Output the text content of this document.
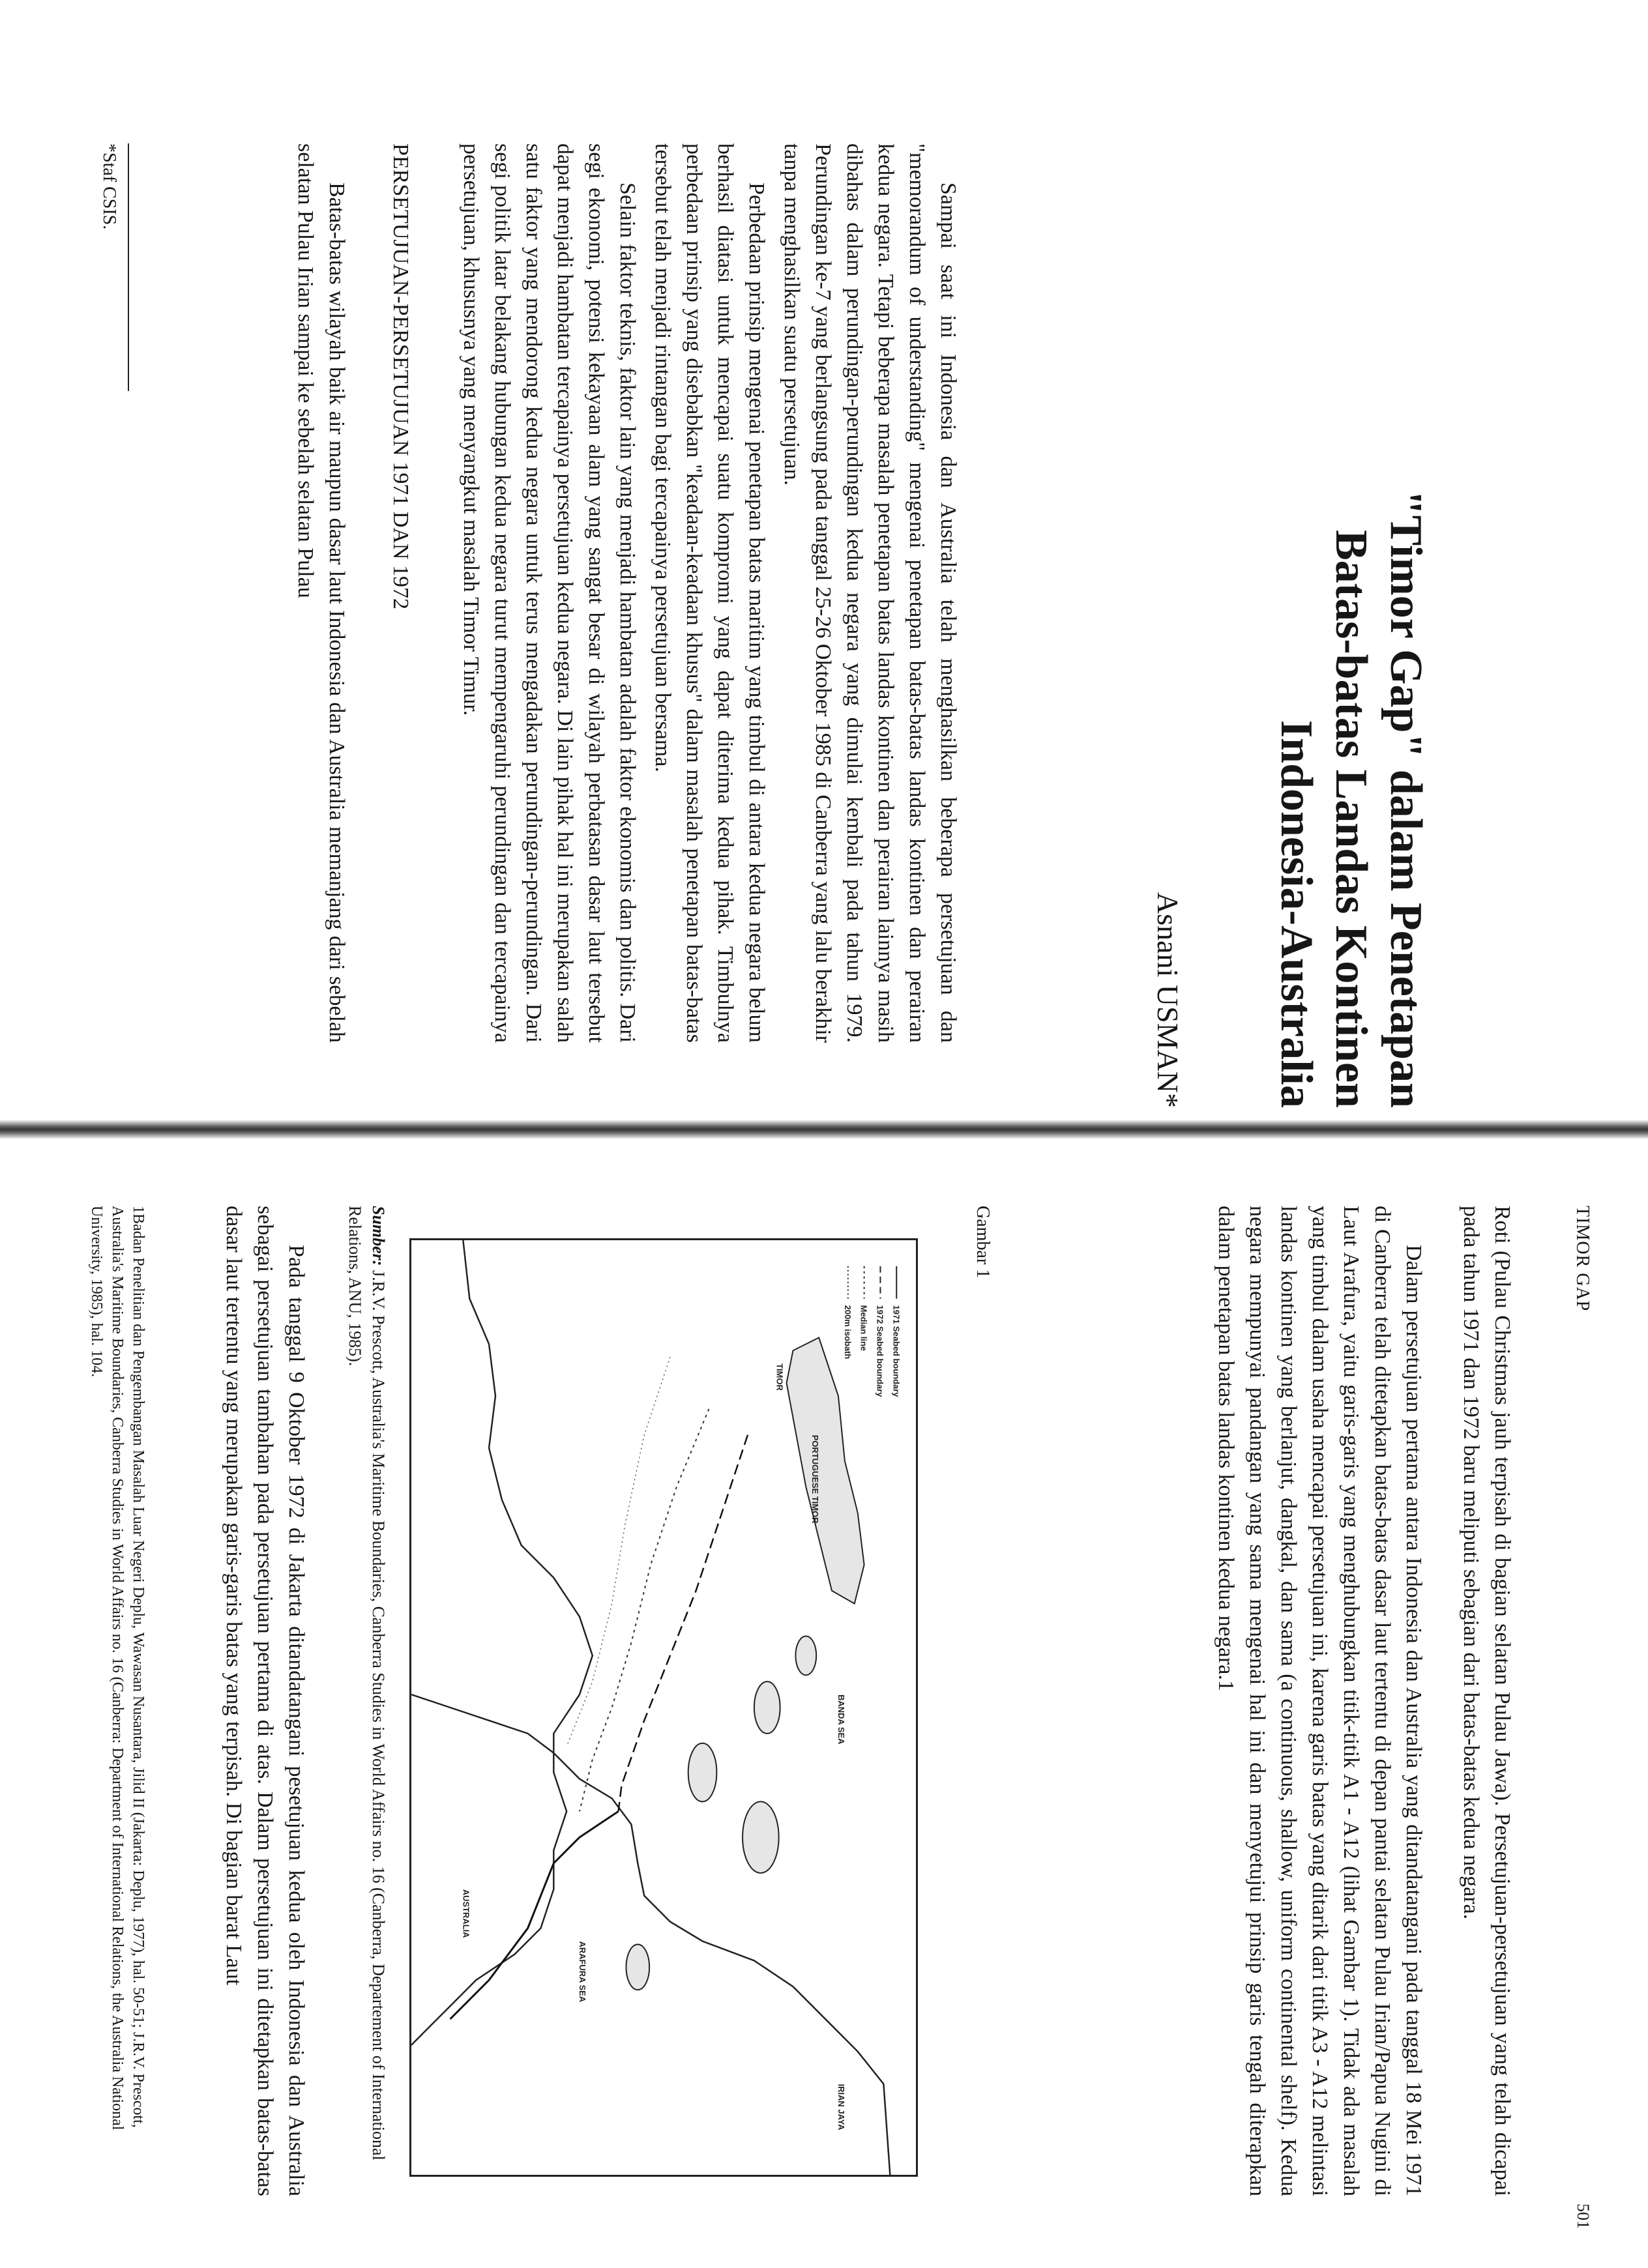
"Timor Gap" dalam Penetapan
Batas-batas Landas Kontinen
Indonesia-Australia
Asnani USMAN*

Sampai saat ini Indonesia dan Australia telah menghasilkan beberapa persetujuan dan "memorandum of understanding" mengenai penetapan batas-batas landas kontinen dan perairan kedua negara. Tetapi beberapa masalah penetapan batas landas kontinen dan perairan lainnya masih dibahas dalam perundingan-perundingan kedua negara yang dimulai kembali pada tahun 1979. Perundingan ke-7 yang berlangsung pada tanggal 25-26 Oktober 1985 di Canberra yang lalu berakhir tanpa menghasilkan suatu persetujuan.

Perbedaan prinsip mengenai penetapan batas maritim yang timbul di antara kedua negara belum berhasil diatasi untuk mencapai suatu kompromi yang dapat diterima kedua pihak. Timbulnya perbedaan prinsip yang disebabkan "keadaan-keadaan khusus" dalam masalah penetapan batas-batas tersebut telah menjadi rintangan bagi tercapainya persetujuan bersama.

Selain faktor teknis, faktor lain yang menjadi hambatan adalah faktor ekonomis dan politis. Dari segi ekonomi, potensi kekayaan alam yang sangat besar di wilayah perbatasan dasar laut tersebut dapat menjadi hambatan tercapainya persetujuan kedua negara. Di lain pihak hal ini merupakan salah satu faktor yang mendorong kedua negara untuk terus mengadakan perundingan-perundingan. Dari segi politik latar belakang hubungan kedua negara turut mempengaruhi perundingan dan tercapainya persetujuan, khususnya yang menyangkut masalah Timor Timur.

PERSETUJUAN-PERSETUJUAN 1971 DAN 1972

Batas-batas wilayah baik air maupun dasar laut Indonesia dan Australia memanjang dari sebelah selatan Pulau Irian sampai ke sebelah selatan Pulau

*Staf CSIS.
TIMOR GAP
501

Roti (Pulau Christmas jauh terpisah di bagian selatan Pulau Jawa). Persetujuan-persetujuan yang telah dicapai pada tahun 1971 dan 1972 baru meliputi sebagian dari batas-batas kedua negara.

Dalam persetujuan pertama antara Indonesia dan Australia yang ditandatangani pada tanggal 18 Mei 1971 di Canberra telah ditetapkan batas-batas dasar laut tertentu di depan pantai selatan Pulau Irian/Papua Nugini di Laut Arafura, yaitu garis-garis yang menghubungkan titik-titik A1 - A12 (lihat Gambar 1). Tidak ada masalah yang timbul dalam usaha mencapai persetujuan ini, karena garis batas yang ditarik dari titik A3 - A12 melintasi landas kontinen yang berlanjut, dangkal, dan sama (a continuous, shallow, uniform continental shelf). Kedua negara mempunyai pandangan yang sama mengenai hal ini dan menyetujui prinsip garis tengah diterapkan dalam penetapan batas landas kontinen kedua negara.1

Gambar 1
IRIAN JAYA
PORTUGUESE TIMOR
AUSTRALIA
TIMOR
BANDA SEA
ARAFURA SEA
1971 Seabed boundary
1972 Seabed boundary
Median line
200m isobath
Sumber: J.R.V. Prescott, Australia's Maritime Boundaries, Canberra Studies in World Affairs no. 16 (Canberra, Departement of International Relations, ANU, 1985).
Pada tanggal 9 Oktober 1972 di Jakarta ditandatangani pesetujuan kedua oleh Indonesia dan Australia sebagai persetujuan tambahan pada persetujuan pertama di atas. Dalam persetujuan ini ditetapkan batas-batas dasar laut tertentu yang merupakan garis-garis batas yang terpisah. Di bagian barat Laut
1Badan Penelitian dan Pengembangan Masalah Luar Negeri Deplu, Wawasan Nusantara, Jilid II (Jakarta: Deplu, 1977), hal. 50-51; J.R.V. Prescott, Australia's Maritime Boundaries, Canberra Studies in World Affairs no. 16 (Canberra: Department of International Relations, the Australia National University, 1985), hal. 104.
